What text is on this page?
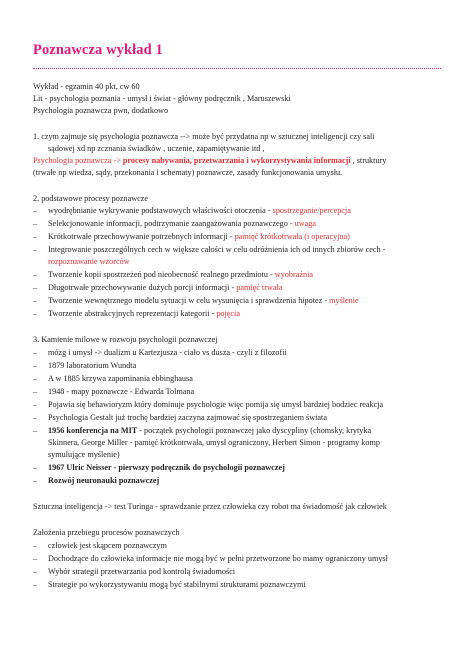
Poznawcza wykład 1
Wykład - egzamin 40 pkt, cw 60
Lit - psychologia poznania - umysł i świat - główny podręcznik , Maruszewski
Psychologia poznawcza pwn, dodatkowo
1. czym zajmuje się psychologia poznawcza --> może być przydatna np w sztucznej inteligencji czy sali
sądowej xd np zcznania świadków , uczenie, zapamiętywanie itd ,
Psychologia poznawcza -> procesy nabywania, przetwarzania i wykorzystywania informacji , struktury
(trwałe np wiedza, sądy, przekonania i schematy) poznawcze, zasady funkcjonowania umysłu.
2. podstawowe procesy poznawcze
– wyodrębnianie wykrywanie podstawowych właściwości otoczenia - spostrzeganie/percepcja
– Selekcjonowanie informacji, podtrzymanie zaangażowania poznawczego - uwaga
– Krótkotrwałe przechowywanie potrzebnych informacji - pamięć krótkotrwała (i operacyjna)
– Integrowanie poszczególnych cech w większe całości w celu odróżnienia ich od innych zbiorów cech -
rozpoznawanie wzorców
– Tworzenie kopii spostrzeżeń pod nieobecność realnego przedmiotu - wyobraźnia
– Długotrwałe przechowywanie dużych porcji informacji - pamięć trwała
– Tworzenie wewnętrznego modelu sytuacji w celu wysunięcia i sprawdzenia hipotez - myślenie
– Tworzenie abstrakcyjnych reprezentacji kategorii - pojęcia
3. Kamienie milowe w rozwoju psychologii poznawczej
– mózg i umysł -> dualizm u Kartezjusza - ciało vs dusza - czyli z filozofii
– 1879 laboratorium Wundta
– A w 1885 krzywa zapominania ebbinghausa
– 1948 - mapy poznawcze - Edwarda Tolmana
– Pojawia się behawioryzm który dominuje psychologie więc pomija się umysł bardziej bodziec reakcja
– Psychologia Gestalt już trochę bardziej zaczyna zajmować się spostrzeganiem świata
– 1956 konferencja na MIT - początek psychologii poznawczej jako dyscypliny (chomsky, krytyka
Skinnera, George Miller - pamięć krótkotrwała, umysł ograniczony, Herbert Simon - programy komp
symulujące myślenie)
– 1967 Ulric Neisser - pierwszy podręcznik do psychologii poznawczej
– Rozwój neuronauki poznawczej
Sztuczna inteligencja -> test Turinga - sprawdzanie przez człowieka czy robot ma świadomość jak człowiek
Założenia przebiegu procesów poznawczych
– człowiek jest skąpcem poznawczym
– Dochodzące do człowieka informacje nie mogą być w pełni przetworzone bo mamy ograniczony umysł
– Wybór strategii przetwarzania pod kontrolą świadomości
– Strategie po wykorzystywaniu mogą być stabilnymi strukturami poznawczymi
